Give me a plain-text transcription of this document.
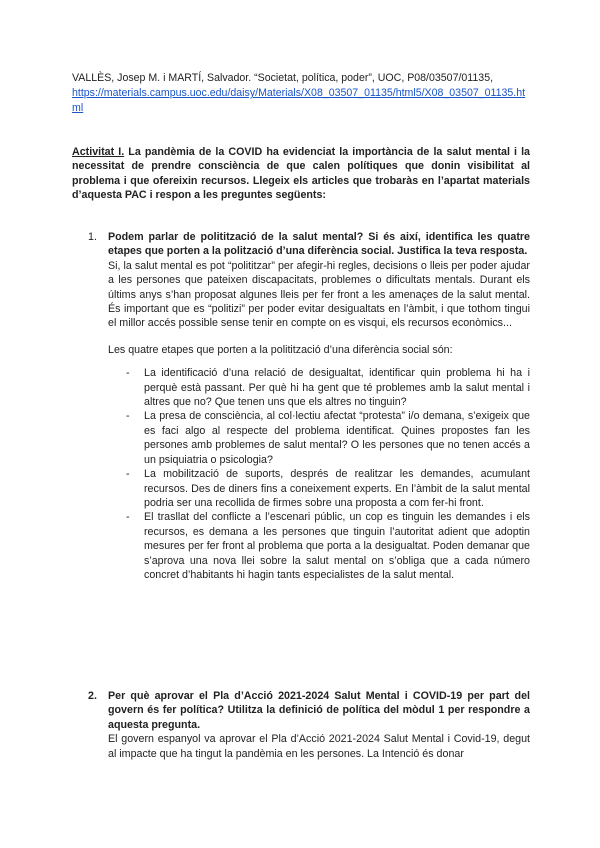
VALLÈS, Josep M. i MARTÍ, Salvador. “Societat, política, poder”, UOC, P08/03507/01135,
https://materials.campus.uoc.edu/daisy/Materials/X08_03507_01135/html5/X08_03507_01135.html
Activitat I. La pandèmia de la COVID ha evidenciat la importància de la salut mental i la necessitat de prendre consciència de que calen polítiques que donin visibilitat al problema i que ofereixin recursos. Llegeix els articles que trobaràs en l’apartat materials d’aquesta PAC i respon a les preguntes següents:
1. Podem parlar de politització de la salut mental? Si és així, identifica les quatre etapes que porten a la polització d’una diferència social. Justifica la teva resposta.
Si, la salut mental es pot “polititzar” per afegir-hi regles, decisions o lleis per poder ajudar a les persones que pateixen discapacitats, problemes o dificultats mentals. Durant els últims anys s’han proposat algunes lleis per fer front a les amenaçes de la salut mental. És important que es “politizi” per poder evitar desigualtats en l’àmbit, i que tothom tingui el millor accés possible sense tenir en compte on es visqui, els recursos econòmics...
Les quatre etapes que porten a la politització d’una diferència social són:
- La identificació d’una relació de desigualtat, identificar quin problema hi ha i perquè està passant. Per què hi ha gent que té problemes amb la salut mental i altres que no? Que tenen uns que els altres no tinguin?
- La presa de consciència, al col·lectiu afectat “protesta” i/o demana, s’exigeix que es faci algo al respecte del problema identificat. Quines propostes fan les persones amb problemes de salut mental? O les persones que no tenen accés a un psiquiatria o psicologia?
- La mobilització de suports, després de realitzar les demandes, acumulant recursos. Des de diners fins a coneixement experts. En l’àmbit de la salut mental podria ser una recollida de firmes sobre una proposta a com fer-hi front.
- El trasllat del conflicte a l’escenari públic, un cop es tinguin les demandes i els recursos, es demana a les persones que tinguin l’autoritat adient que adoptin mesures per fer front al problema que porta a la desigualtat. Poden demanar que s’aprova una nova llei sobre la salut mental on s’obliga que a cada número concret d’habitants hi hagin tants especialistes de la salut mental.
2. Per què aprovar el Pla d’Acció 2021-2024 Salut Mental i COVID-19 per part del govern és fer política? Utilitza la definició de política del mòdul 1 per respondre a aquesta pregunta.
El govern espanyol va aprovar el Pla d’Acció 2021-2024 Salut Mental i Covid-19, degut al impacte que ha tingut la pandèmia en les persones. La Intenció és donar
